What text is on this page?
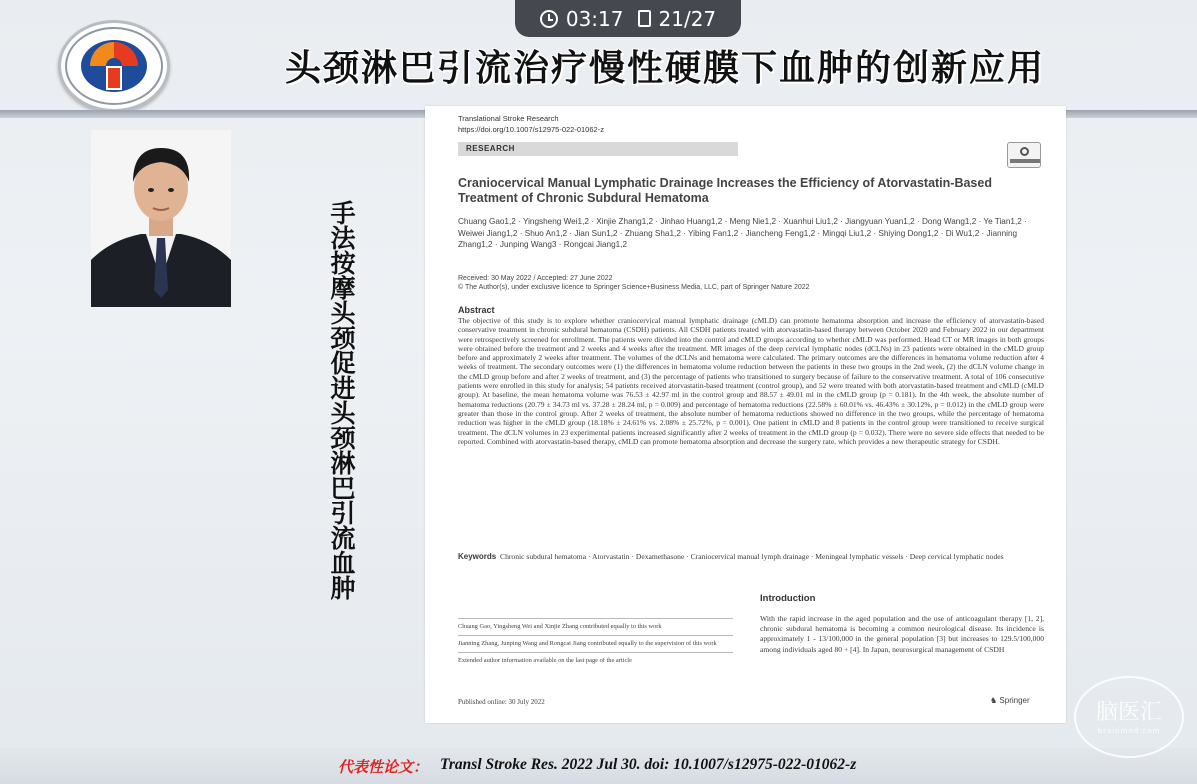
03:17 21/27
头颈淋巴引流治疗慢性硬膜下血肿的创新应用
手法按摩头颈促进头颈淋巴引流血肿
Translational Stroke Research
https://doi.org/10.1007/s12975-022-01062-z
RESEARCH
Craniocervical Manual Lymphatic Drainage Increases the Efficiency of Atorvastatin-Based Treatment of Chronic Subdural Hematoma
Chuang Gao1,2 · Yingsheng Wei1,2 · Xinjie Zhang1,2 · Jinhao Huang1,2 · Meng Nie1,2 · Xuanhui Liu1,2 · Jiangyuan Yuan1,2 · Dong Wang1,2 · Ye Tian1,2 · Weiwei Jiang1,2 · Shuo An1,2 · Jian Sun1,2 · Zhuang Sha1,2 · Yibing Fan1,2 · Jiancheng Feng1,2 · Mingqi Liu1,2 · Shiying Dong1,2 · Di Wu1,2 · Jianning Zhang1,2 · Junping Wang3 · Rongcai Jiang1,2
Received: 30 May 2022 / Accepted: 27 June 2022
© The Author(s), under exclusive licence to Springer Science+Business Media, LLC, part of Springer Nature 2022
Abstract
The objective of this study is to explore whether craniocervical manual lymphatic drainage (cMLD) can promote hematoma absorption and increase the efficiency of atorvastatin-based conservative treatment in chronic subdural hematoma (CSDH) patients. All CSDH patients treated with atorvastatin-based therapy between October 2020 and February 2022 in our department were retrospectively screened for enrollment. The patients were divided into the control and cMLD groups according to whether cMLD was performed. Head CT or MR images in both groups were obtained before the treatment and 2 weeks and 4 weeks after the treatment. MR images of the deep cervical lymphatic nodes (dCLNs) in 23 patients were obtained in the cMLD group before and approximately 2 weeks after treatment. The volumes of the dCLNs and hematoma were calculated. The primary outcomes are the differences in hematoma volume reduction after 4 weeks of treatment. The secondary outcomes were (1) the differences in hematoma volume reduction between the patients in these two groups in the 2nd week, (2) the dCLN volume change in the cMLD group before and after 2 weeks of treatment, and (3) the percentage of patients who transitioned to surgery because of failure to the conservative treatment. A total of 106 consecutive patients were enrolled in this study for analysis; 54 patients received atorvastatin-based treatment (control group), and 52 were treated with both atorvastatin-based treatment and cMLD (cMLD group). At baseline, the mean hematoma volume was 76.53 ± 42.97 ml in the control group and 88.57 ± 49.01 ml in the cMLD group (p = 0.181). In the 4th week, the absolute number of hematoma reductions (20.79 ± 34.73 ml vs. 37.28 ± 28.24 ml, p = 0.009) and percentage of hematoma reductions (22.58% ± 60.01% vs. 46.43% ± 30.12%, p = 0.012) in the cMLD group were greater than those in the control group. After 2 weeks of treatment, the absolute number of hematoma reductions showed no difference in the two groups, while the percentage of hematoma reduction was higher in the cMLD group (18.18% ± 24.61% vs. 2.08% ± 25.72%, p = 0.001). One patient in cMLD and 8 patients in the control group were transitioned to receive surgical treatment. The dCLN volumes in 23 experimental patients increased significantly after 2 weeks of treatment in the cMLD group (p = 0.032). There were no severe side effects that needed to be reported. Combined with atorvastatin-based therapy, cMLD can promote hematoma absorption and decrease the surgery rate, which provides a new therapeutic strategy for CSDH.
Keywords Chronic subdural hematoma · Atorvastatin · Dexamethasone · Craniocervical manual lymph drainage · Meningeal lymphatic vessels · Deep cervical lymphatic nodes
Introduction
With the rapid increase in the aged population and the use of anticoagulant therapy [1, 2], chronic subdural hematoma is becoming a common neurological disease. Its incidence is approximately 1 - 13/100,000 in the general population [3] but increases to 129.5/100,000 among individuals aged 80 + [4]. In Japan, neurosurgical management of CSDH
Chuang Gao, Yingsheng Wei and Xinjie Zhang contributed equally to this work
Jianning Zhang, Junping Wang and Rongcai Jiang contributed equally to the supervision of this work
Extended author information available on the last page of the article
Published online: 30 July 2022	♞ Springer
代表性论文： Transl Stroke Res. 2022 Jul 30. doi: 10.1007/s12975-022-01062-z
脑医汇
brainmed.com
